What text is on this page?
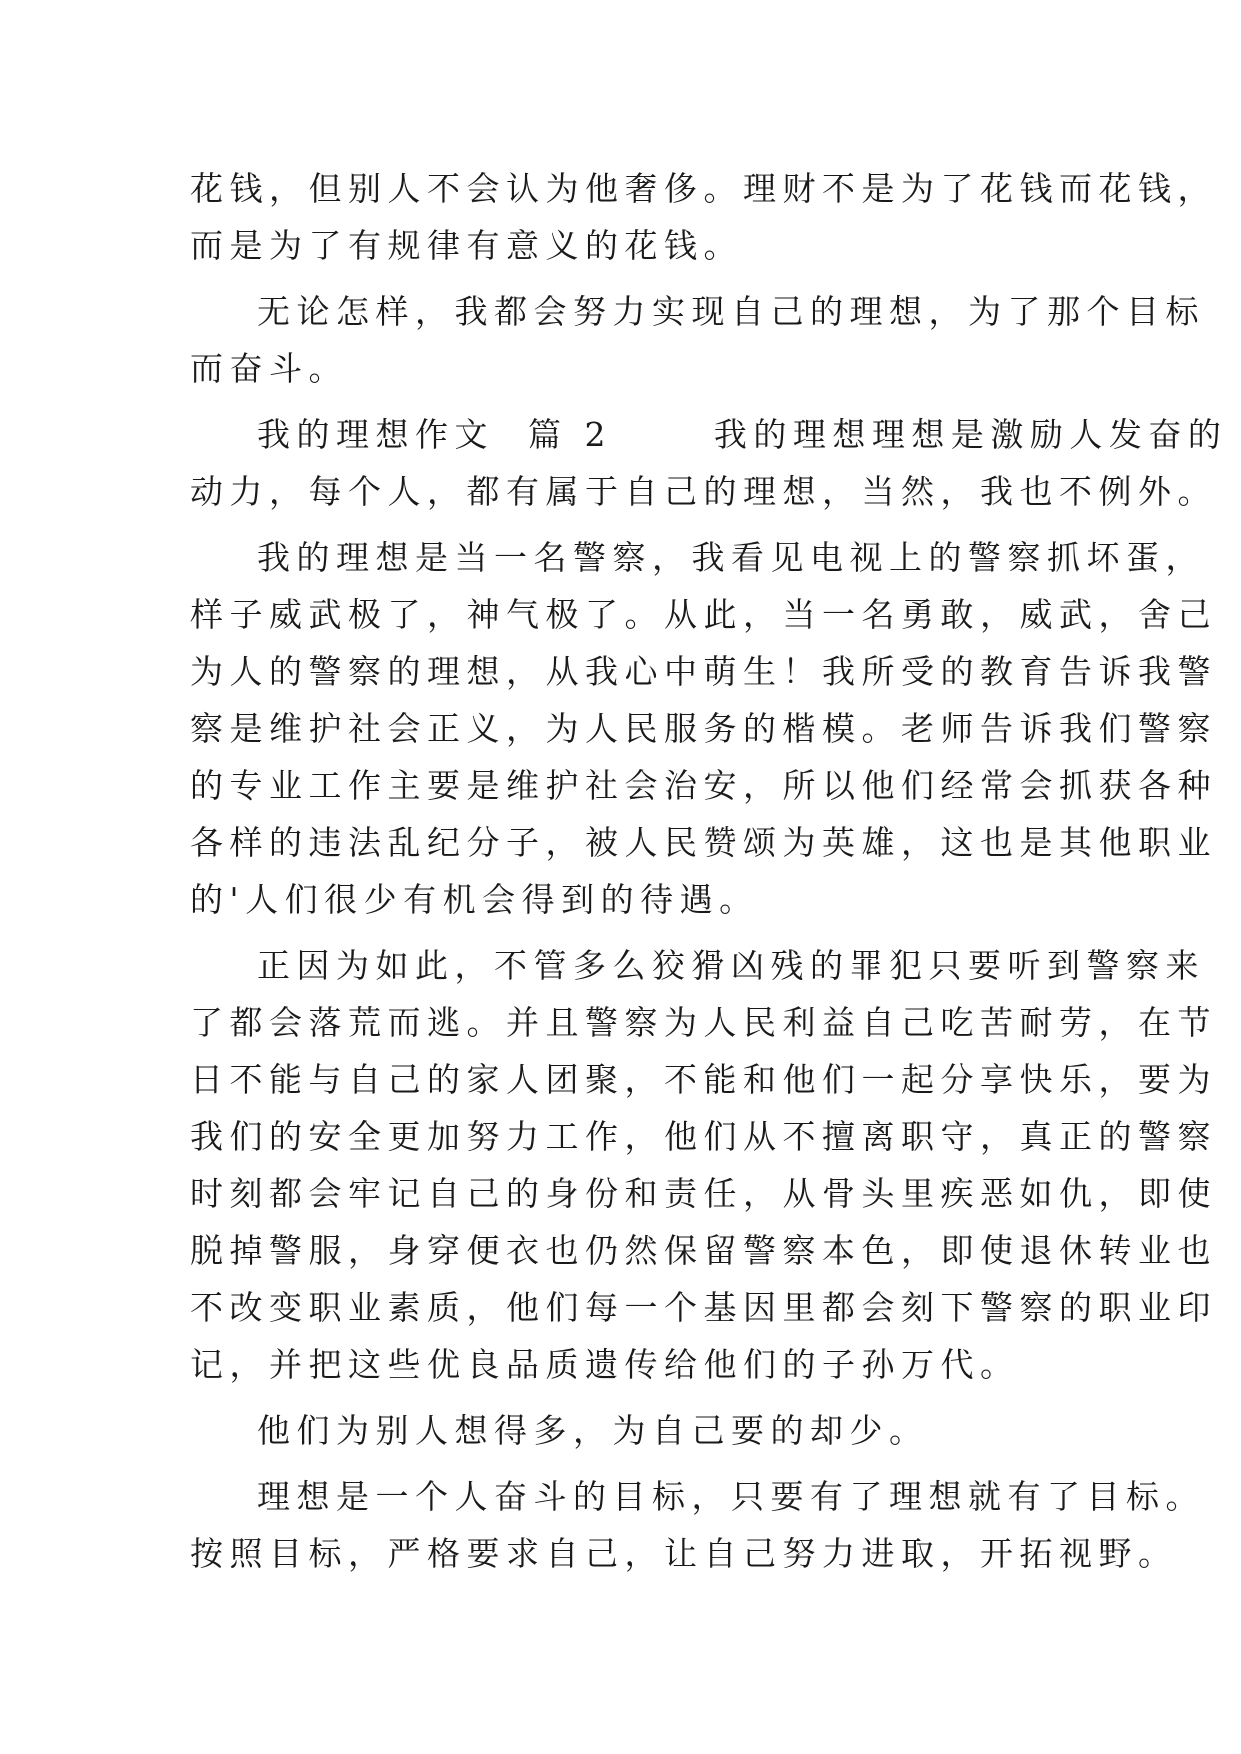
花钱，但别人不会认为他奢侈。理财不是为了花钱而花钱，
而是为了有规律有意义的花钱。
无论怎样，我都会努力实现自己的理想，为了那个目标
而奋斗。
我的理想作文  篇 2      我的理想理想是激励人发奋的
动力，每个人，都有属于自己的理想，当然，我也不例外。
我的理想是当一名警察，我看见电视上的警察抓坏蛋，
样子威武极了，神气极了。从此，当一名勇敢，威武，舍己
为人的警察的理想，从我心中萌生！我所受的教育告诉我警
察是维护社会正义，为人民服务的楷模。老师告诉我们警察
的专业工作主要是维护社会治安，所以他们经常会抓获各种
各样的违法乱纪分子，被人民赞颂为英雄，这也是其他职业
的'人们很少有机会得到的待遇。
正因为如此，不管多么狡猾凶残的罪犯只要听到警察来
了都会落荒而逃。并且警察为人民利益自己吃苦耐劳，在节
日不能与自己的家人团聚，不能和他们一起分享快乐，要为
我们的安全更加努力工作，他们从不擅离职守，真正的警察
时刻都会牢记自己的身份和责任，从骨头里疾恶如仇，即使
脱掉警服，身穿便衣也仍然保留警察本色，即使退休转业也
不改变职业素质，他们每一个基因里都会刻下警察的职业印
记，并把这些优良品质遗传给他们的子孙万代。
他们为别人想得多，为自己要的却少。
理想是一个人奋斗的目标，只要有了理想就有了目标。
按照目标，严格要求自己，让自己努力进取，开拓视野。
